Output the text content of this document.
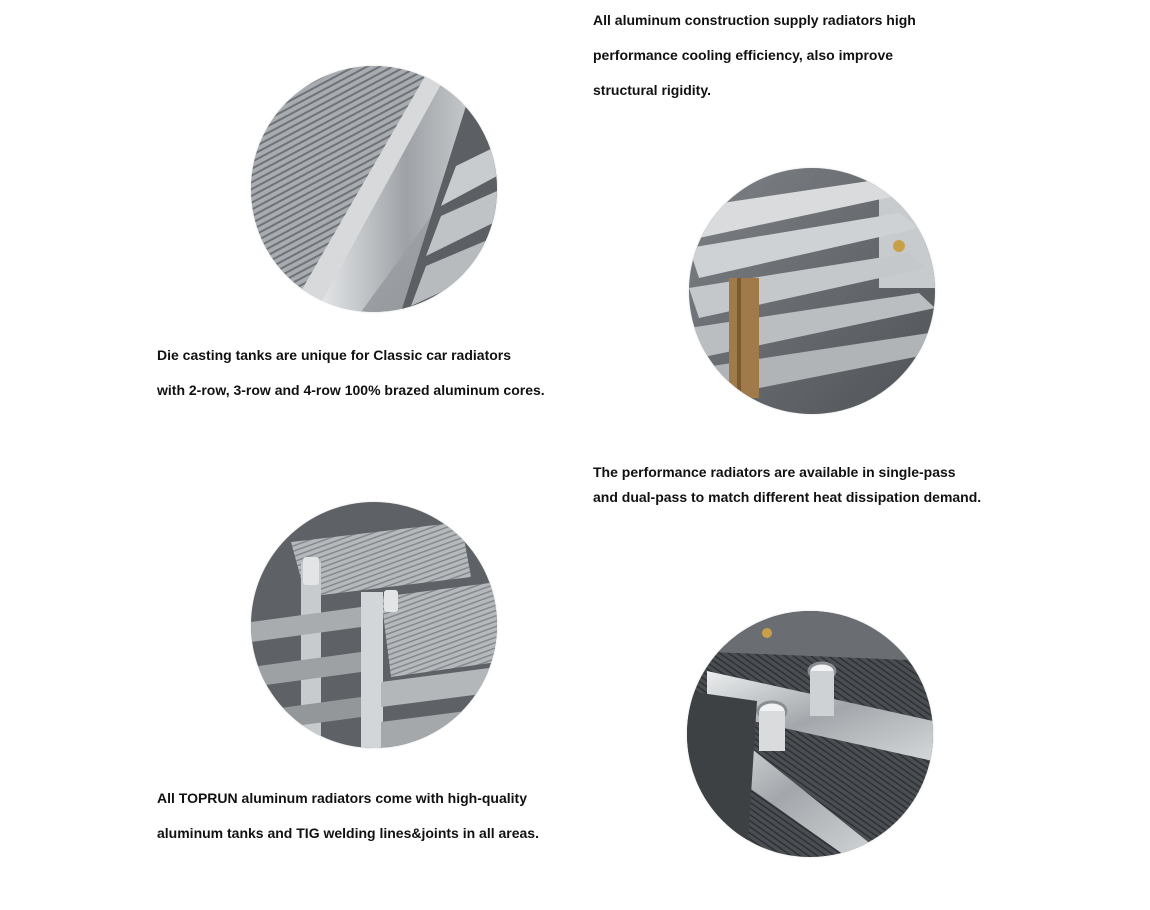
All aluminum construction supply radiators high

performance cooling efficiency, also improve

structural rigidity.

Die casting tanks are unique for Classic car radiators

with 2-row, 3-row and 4-row 100% brazed aluminum cores.

The performance radiators are available in single-pass

and dual-pass to match different heat dissipation demand.

All TOPRUN aluminum radiators come with high-quality

aluminum tanks and TIG welding lines&joints in all areas.
